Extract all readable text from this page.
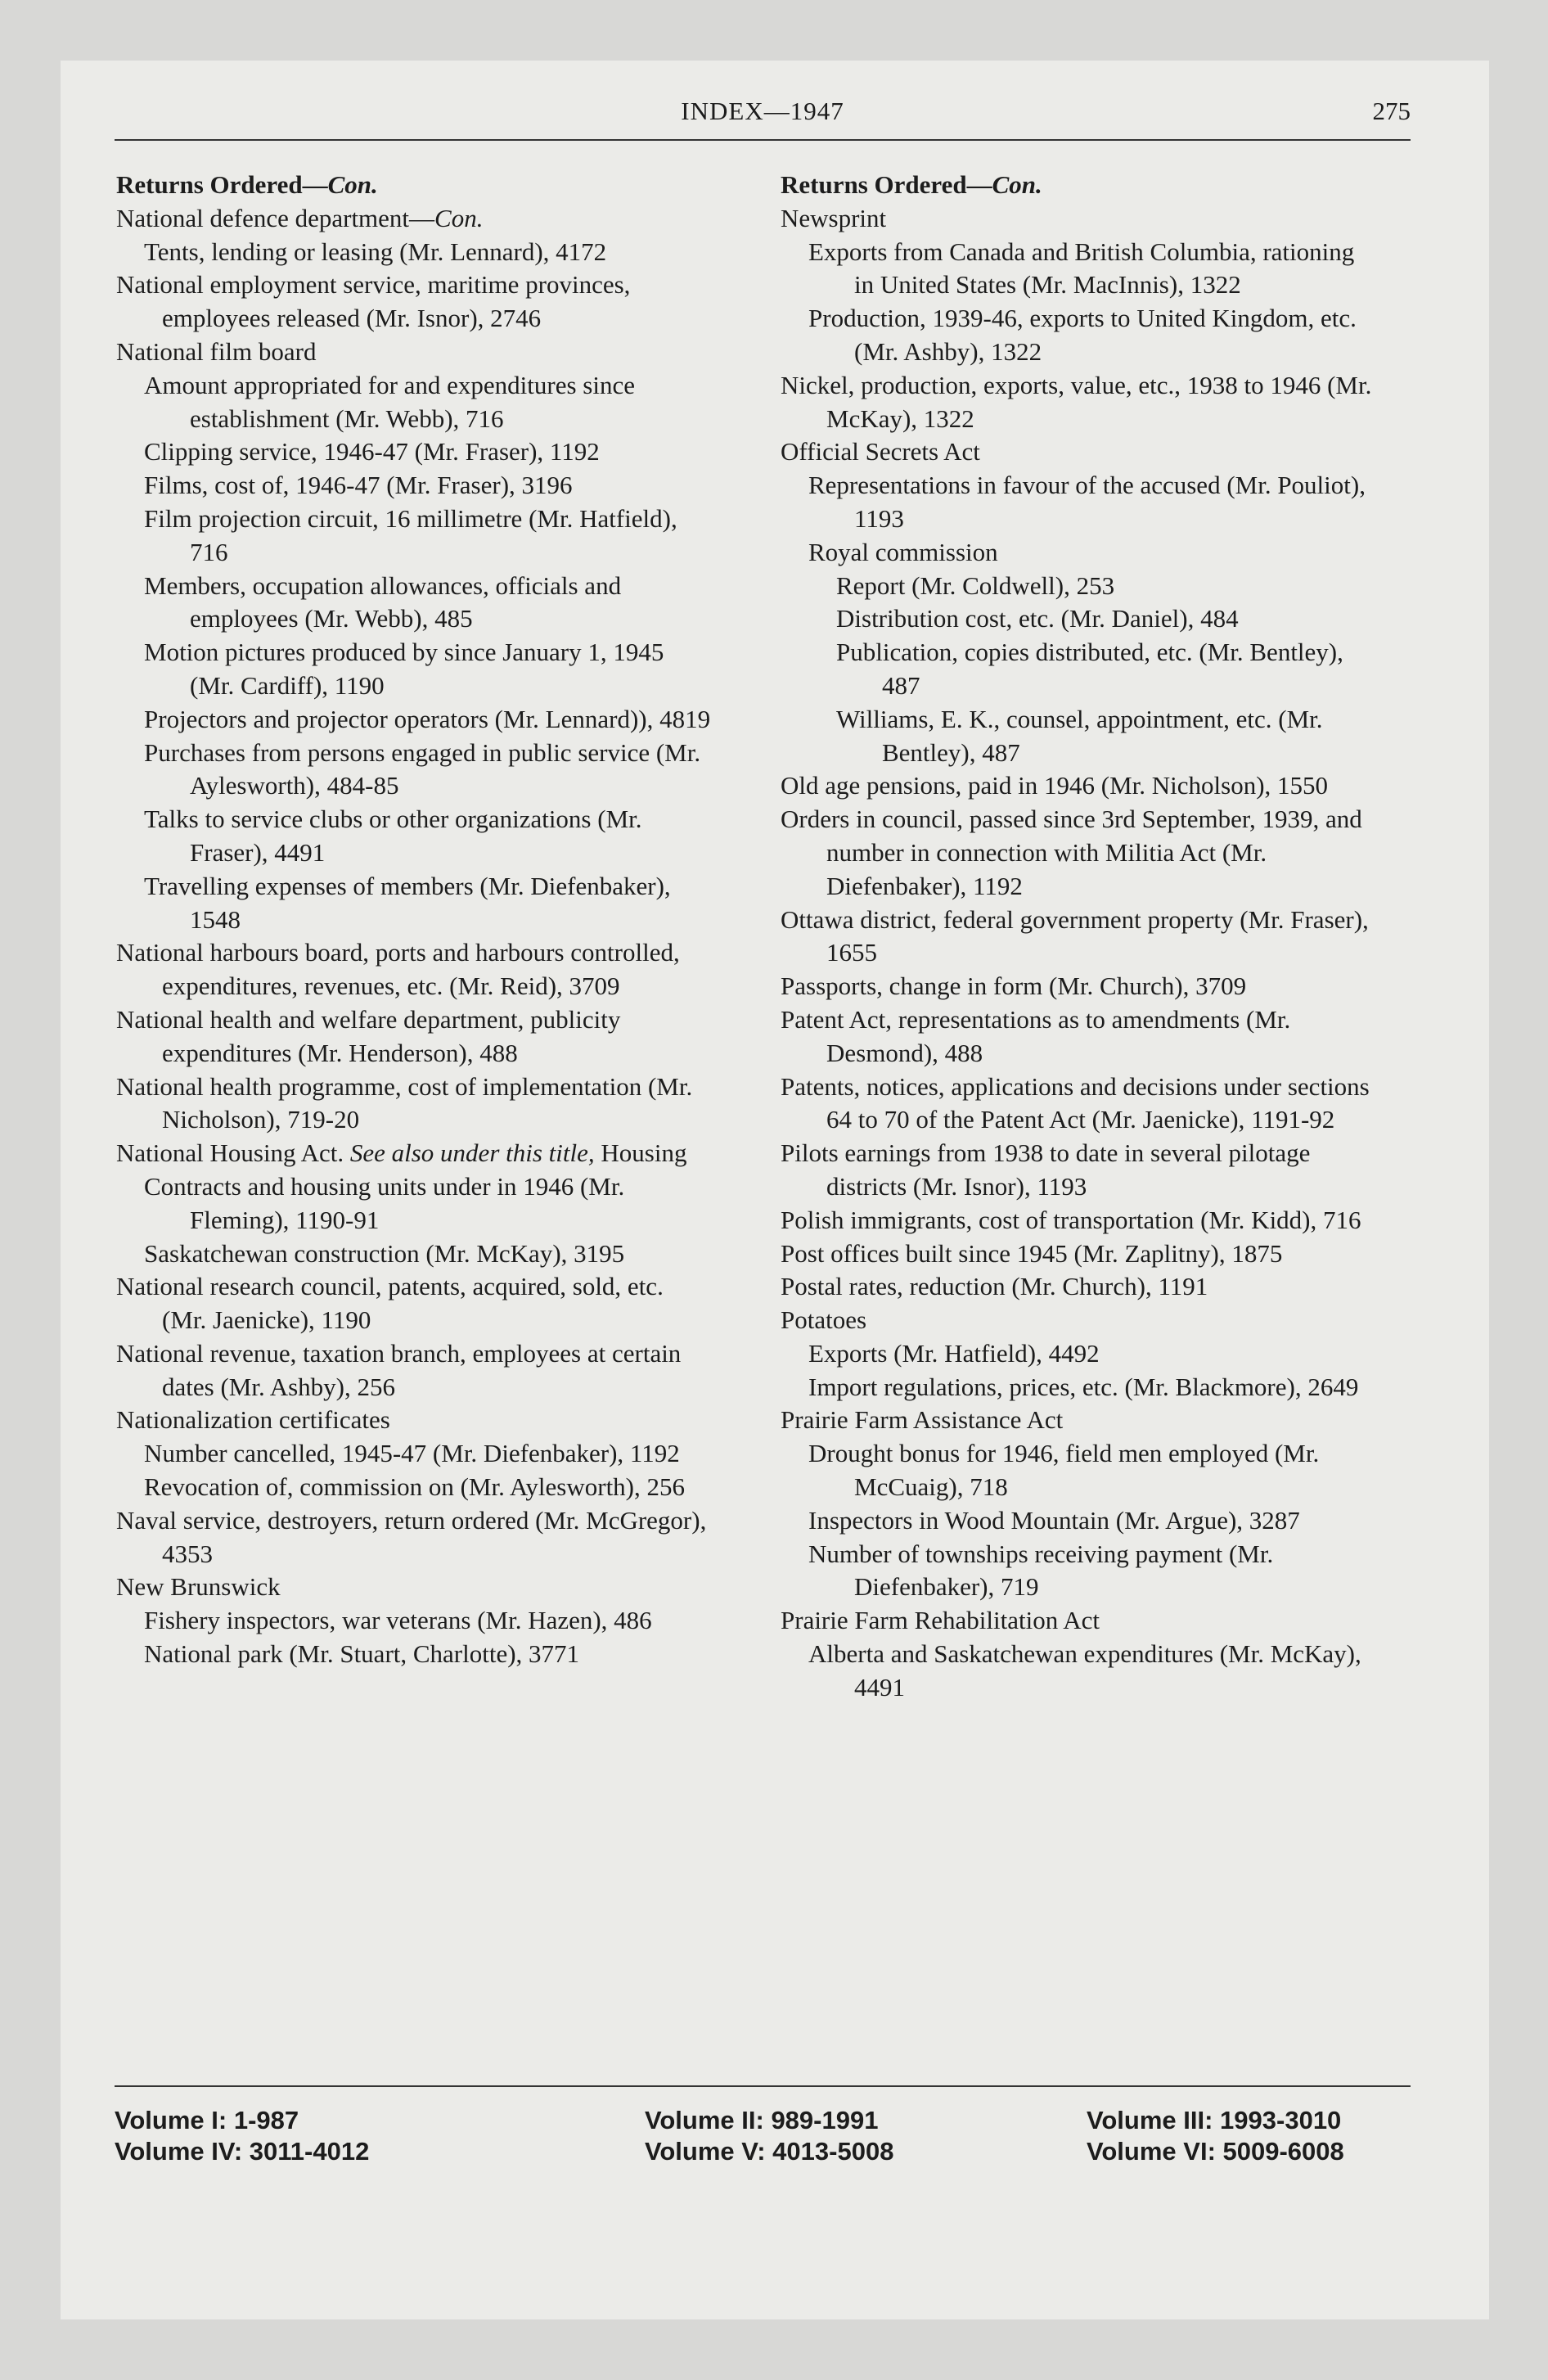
INDEX—1947	275
Returns Ordered—Con.
National defence department—Con.
Tents, lending or leasing (Mr. Lennard), 4172
National employment service, maritime provinces, employees released (Mr. Isnor), 2746
National film board
Amount appropriated for and expenditures since establishment (Mr. Webb), 716
Clipping service, 1946-47 (Mr. Fraser), 1192
Films, cost of, 1946-47 (Mr. Fraser), 3196
Film projection circuit, 16 millimetre (Mr. Hatfield), 716
Members, occupation allowances, officials and employees (Mr. Webb), 485
Motion pictures produced by since January 1, 1945 (Mr. Cardiff), 1190
Projectors and projector operators (Mr. Lennard)), 4819
Purchases from persons engaged in public service (Mr. Aylesworth), 484-85
Talks to service clubs or other organizations (Mr. Fraser), 4491
Travelling expenses of members (Mr. Diefenbaker), 1548
National harbours board, ports and harbours controlled, expenditures, revenues, etc. (Mr. Reid), 3709
National health and welfare department, publicity expenditures (Mr. Henderson), 488
National health programme, cost of implementation (Mr. Nicholson), 719-20
National Housing Act. See also under this title, Housing
Contracts and housing units under in 1946 (Mr. Fleming), 1190-91
Saskatchewan construction (Mr. McKay), 3195
National research council, patents, acquired, sold, etc. (Mr. Jaenicke), 1190
National revenue, taxation branch, employees at certain dates (Mr. Ashby), 256
Nationalization certificates
Number cancelled, 1945-47 (Mr. Diefenbaker), 1192
Revocation of, commission on (Mr. Aylesworth), 256
Naval service, destroyers, return ordered (Mr. McGregor), 4353
New Brunswick
Fishery inspectors, war veterans (Mr. Hazen), 486
National park (Mr. Stuart, Charlotte), 3771
Returns Ordered—Con.
Newsprint
Exports from Canada and British Columbia, rationing in United States (Mr. MacInnis), 1322
Production, 1939-46, exports to United Kingdom, etc. (Mr. Ashby), 1322
Nickel, production, exports, value, etc., 1938 to 1946 (Mr. McKay), 1322
Official Secrets Act
Representations in favour of the accused (Mr. Pouliot), 1193
Royal commission
Report (Mr. Coldwell), 253
Distribution cost, etc. (Mr. Daniel), 484
Publication, copies distributed, etc. (Mr. Bentley), 487
Williams, E. K., counsel, appointment, etc. (Mr. Bentley), 487
Old age pensions, paid in 1946 (Mr. Nicholson), 1550
Orders in council, passed since 3rd September, 1939, and number in connection with Militia Act (Mr. Diefenbaker), 1192
Ottawa district, federal government property (Mr. Fraser), 1655
Passports, change in form (Mr. Church), 3709
Patent Act, representations as to amendments (Mr. Desmond), 488
Patents, notices, applications and decisions under sections 64 to 70 of the Patent Act (Mr. Jaenicke), 1191-92
Pilots earnings from 1938 to date in several pilotage districts (Mr. Isnor), 1193
Polish immigrants, cost of transportation (Mr. Kidd), 716
Post offices built since 1945 (Mr. Zaplitny), 1875
Postal rates, reduction (Mr. Church), 1191
Potatoes
Exports (Mr. Hatfield), 4492
Import regulations, prices, etc. (Mr. Blackmore), 2649
Prairie Farm Assistance Act
Drought bonus for 1946, field men employed (Mr. McCuaig), 718
Inspectors in Wood Mountain (Mr. Argue), 3287
Number of townships receiving payment (Mr. Diefenbaker), 719
Prairie Farm Rehabilitation Act
Alberta and Saskatchewan expenditures (Mr. McKay), 4491
Volume I: 1-987
Volume IV: 3011-4012
Volume II: 989-1991
Volume V: 4013-5008
Volume III: 1993-3010
Volume VI: 5009-6008
